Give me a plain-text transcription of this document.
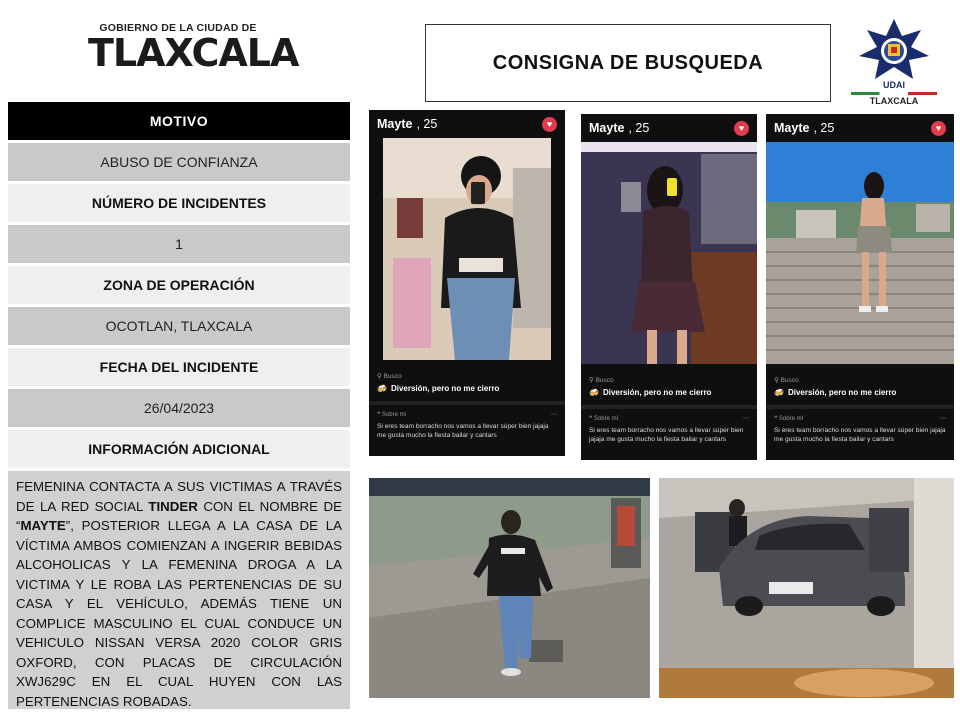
GOBIERNO DE LA CIUDAD DE
TLAXCALA	CONSIGNA DE BUSQUEDA
UDAI
TLAXCALA
MOTIVO
ABUSO DE CONFIANZA
NÚMERO DE INCIDENTES
1
ZONA DE OPERACIÓN
OCOTLAN, TLAXCALA
FECHA DEL INCIDENTE
26/04/2023
INFORMACIÓN ADICIONAL
FEMENINA CONTACTA A SUS VICTIMAS A TRAVÉS DE LA RED SOCIAL TINDER CON EL NOMBRE DE “MAYTE”, POSTERIOR LLEGA A LA CASA DE LA VÍCTIMA AMBOS COMIENZAN A INGERIR BEBIDAS ALCOHOLICAS Y LA FEMENINA DROGA A LA VICTIMA Y LE ROBA LAS PERTENENCIAS DE SU CASA Y EL VEHÍCULO, ADEMÁS TIENE UN COMPLICE MASCULINO EL CUAL CONDUCE UN VEHICULO NISSAN VERSA 2020 COLOR GRIS OXFORD, CON PLACAS DE CIRCULACIÓN XWJ629C EN EL CUAL HUYEN CON LAS PERTENENCIAS ROBADAS.
Mayte , 25	♥
⚲ Busco
🍻 Diversión, pero no me cierro
❝ Sobre mí	⋯
Si eres team borracho nos vamos a llevar súper bien jajaja me gusta mucho la fiesta bailar y cantars
Mayte , 25	♥
⚲ Busco
🍻 Diversión, pero no me cierro
❝ Sobre mí	⋯
Si eres team borracho nos vamos a llevar súper bien jajaja me gusta mucho la fiesta bailar y cantars
Mayte , 25	♥
⚲ Busco
🍻 Diversión, pero no me cierro
❝ Sobre mí	⋯
Si eres team borracho nos vamos a llevar súper bien jajaja me gusta mucho la fiesta bailar y cantars
